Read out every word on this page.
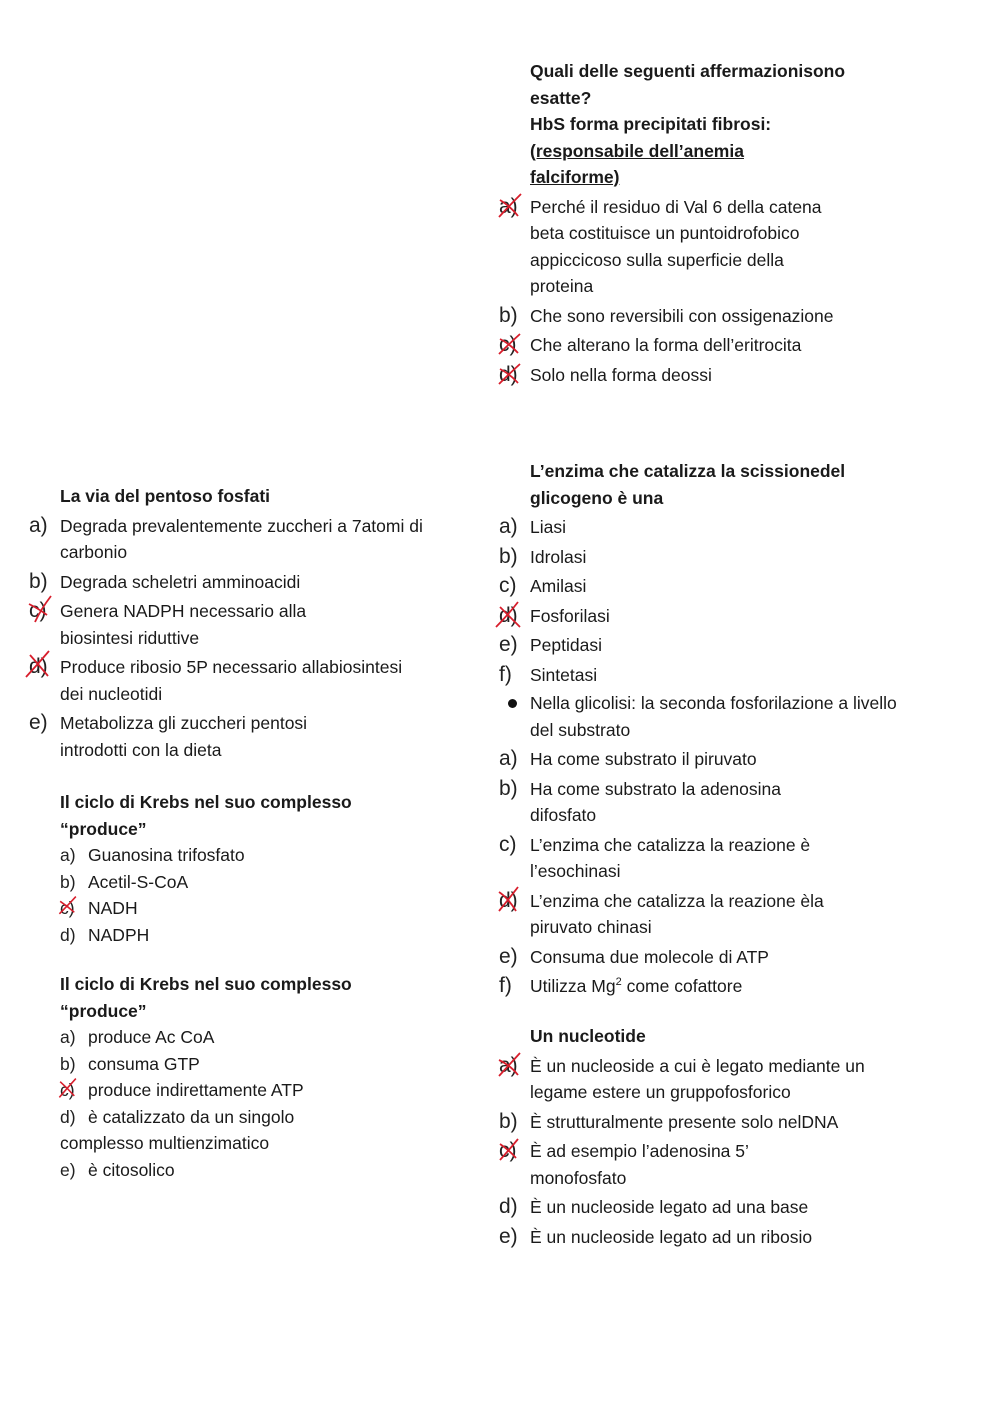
Quali delle seguenti affermazionisono
esatte?
HbS forma precipitati fibrosi:
(responsabile dell’anemia
falciforme)
a) Perché il residuo di Val 6 della catena
beta costituisce un puntoidrofobico
appiccicoso sulla superficie della
proteina
b) Che sono reversibili con ossigenazione
c) Che alterano la forma dell’eritrocita
d) Solo nella forma deossi
L’enzima che catalizza la scissionedel
glicogeno è una
a) Liasi
b) Idrolasi
c) Amilasi
d) Fosforilasi
e) Peptidasi
f) Sintetasi
Nella glicolisi: la seconda fosforilazione a livello
del substrato
a) Ha come substrato il piruvato
b) Ha come substrato la adenosina
difosfato
c) L’enzima che catalizza la reazione è
l’esochinasi
d) L’enzima che catalizza la reazione èla
piruvato chinasi
e) Consuma due molecole di ATP
f) Utilizza Mg$^2$ come cofattore
Un nucleotide
a) È un nucleoside a cui è legato mediante un
legame estere un gruppofosforico
b) È strutturalmente presente solo nelDNA
c) È ad esempio l’adenosina 5’
monofosfato
d) È un nucleoside legato ad una base
e) È un nucleoside legato ad un ribosio
La via del pentoso fosfati
a) Degrada prevalentemente zuccheri a 7atomi di
carbonio
b) Degrada scheletri amminoacidi
c) Genera NADPH necessario alla
biosintesi riduttive
d) Produce ribosio 5P necessario allabiosintesi
dei nucleotidi
e) Metabolizza gli zuccheri pentosi
introdotti con la dieta
Il ciclo di Krebs nel suo complesso
“produce”
Guanosina trifosfato
a)
Acetil-S-CoA
b)
NADH
c)
NADPH
d)
Il ciclo di Krebs nel suo complesso
“produce”
produce Ac CoA
a)
consuma GTP
b)
produce indirettamente ATP
c)
è catalizzato da un singolo
d)
complesso multienzimatico
è citosolico
e)
